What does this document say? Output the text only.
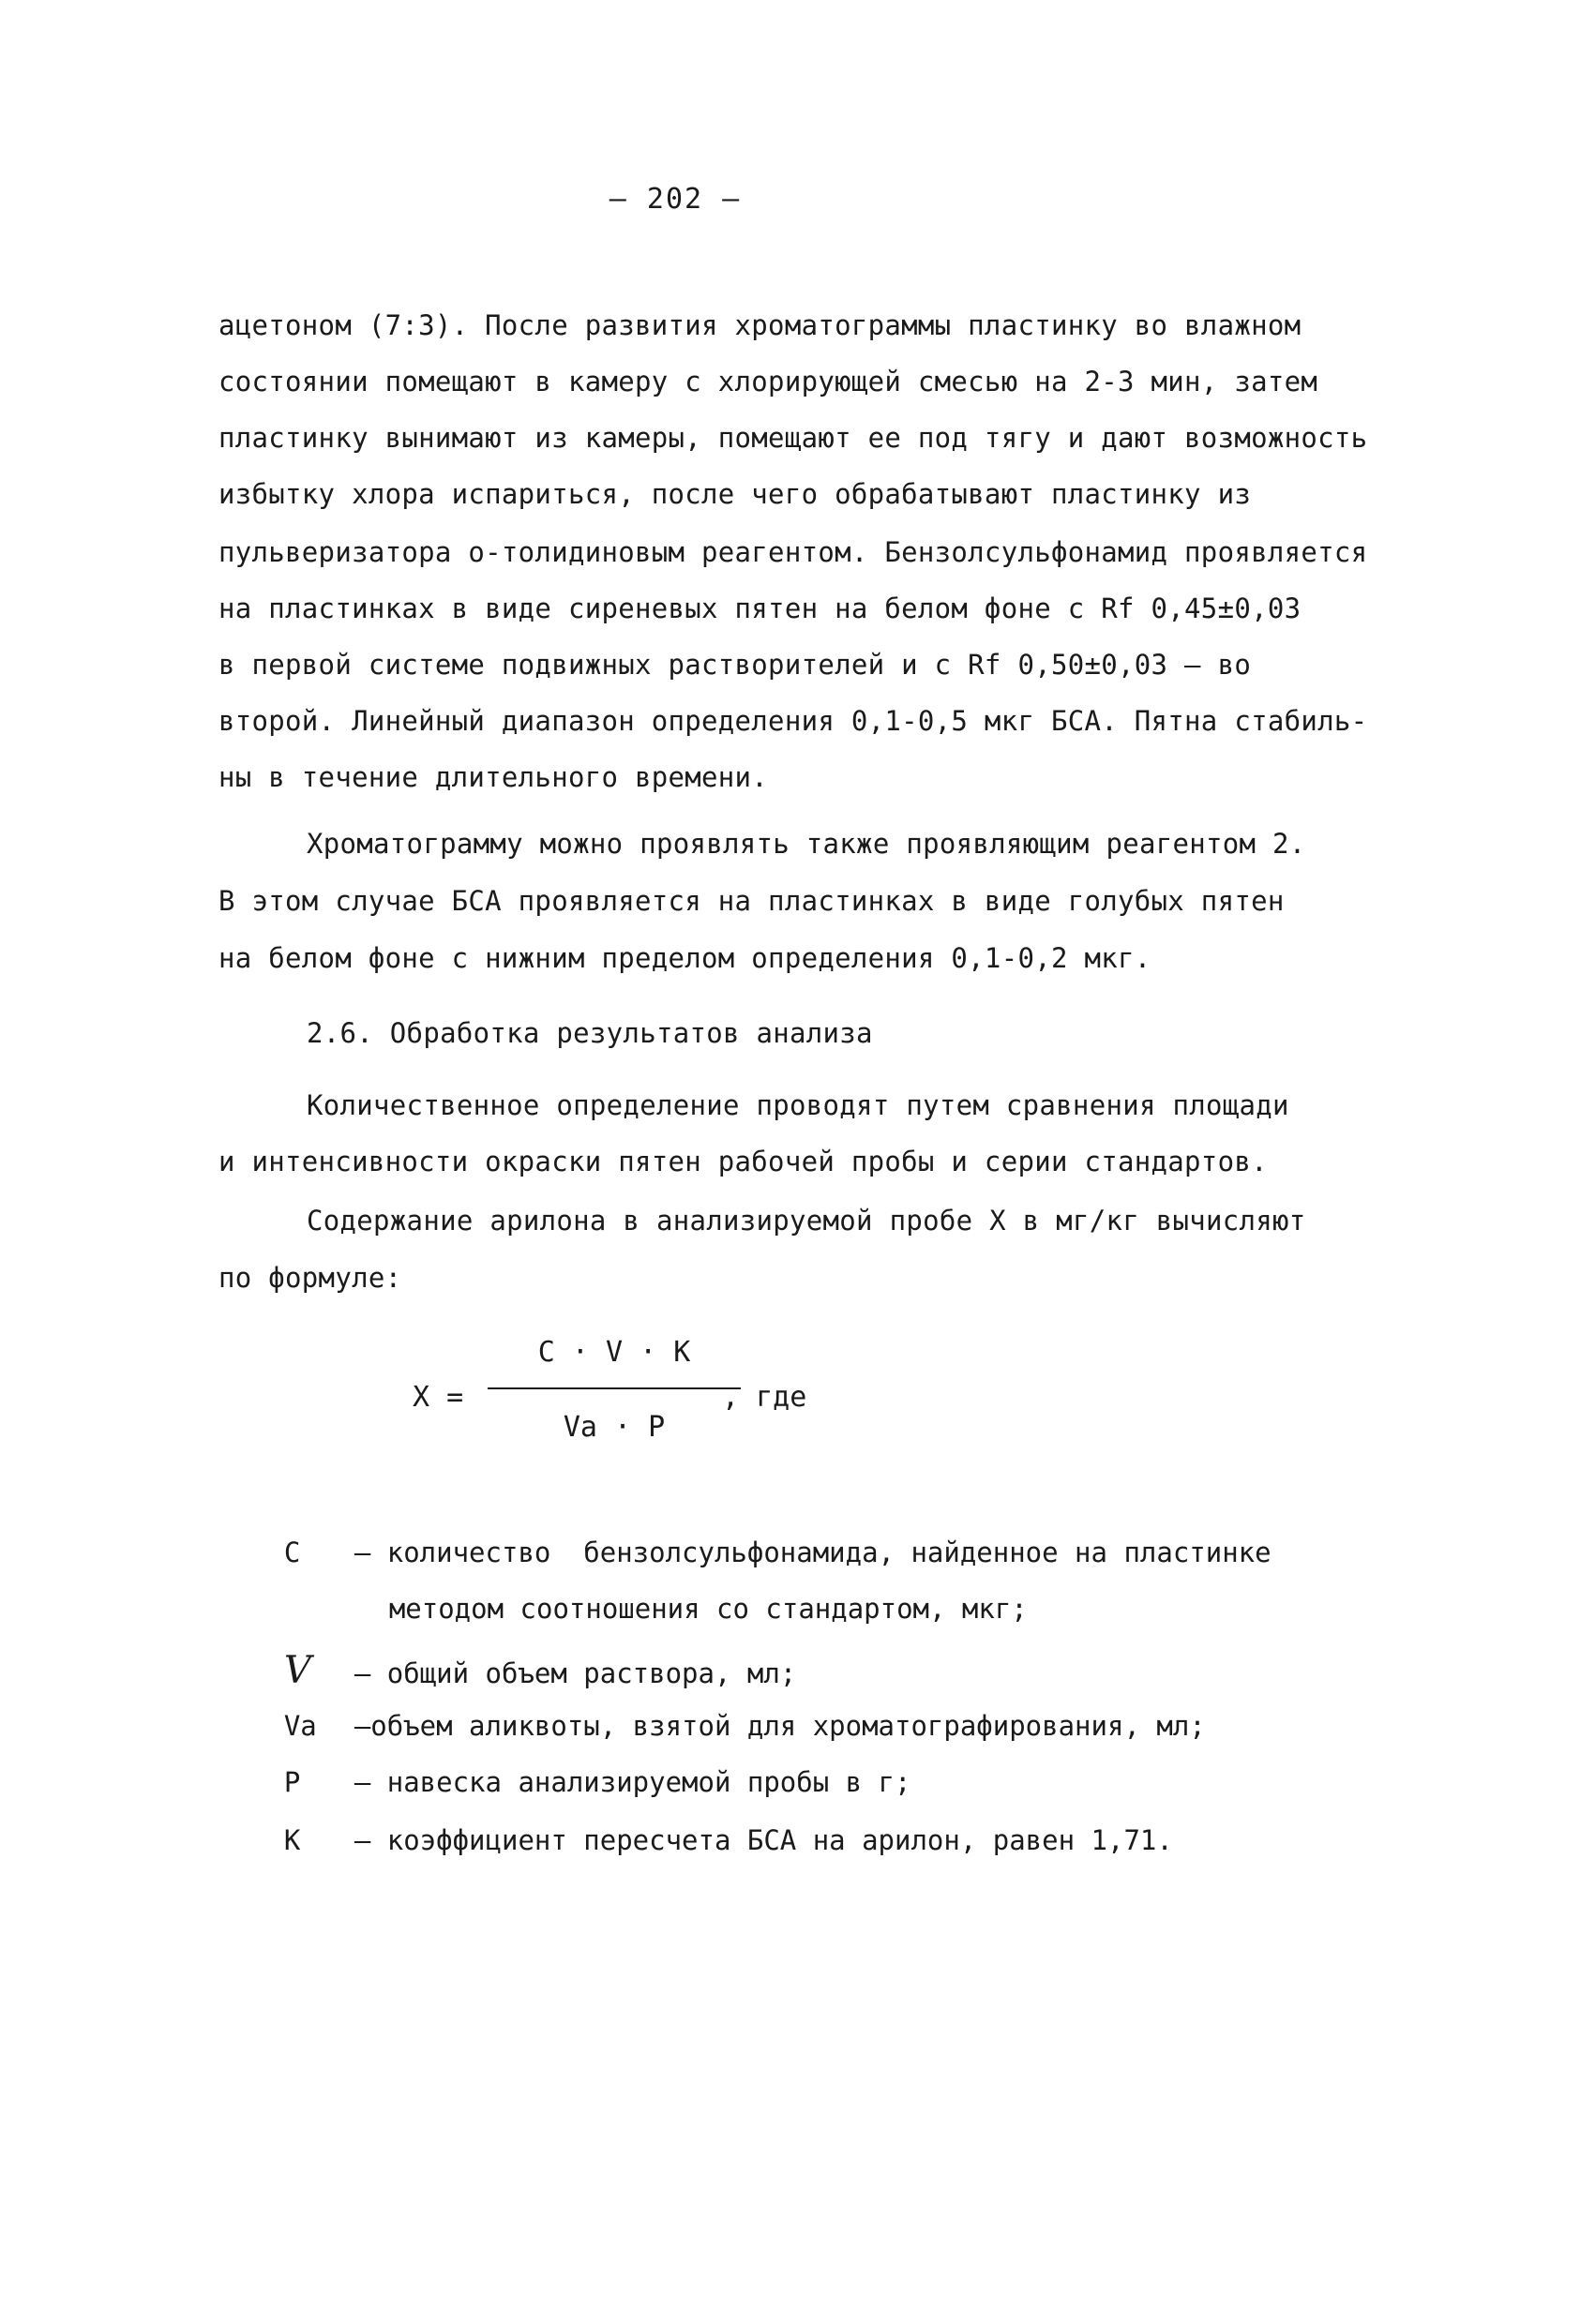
– 202 –
ацетоном (7:3). После развития хроматограммы пластинку во влажном
состоянии помещают в камеру с хлорирующей смесью на 2-3 мин, затем
пластинку вынимают из камеры, помещают ее под тягу и дают возможность
избытку хлора испариться, после чего обрабатывают пластинку из
пульверизатора о-толидиновым реагентом. Бензолсульфонамид проявляется
на пластинках в виде сиреневых пятен на белом фоне с Rf 0,45±0,03
в первой системе подвижных растворителей и с Rf 0,50±0,03 – во
второй. Линейный диапазон определения 0,1-0,5 мкг БСА. Пятна стабиль-
ны в течение длительного времени.
Хроматограмму можно проявлять также проявляющим реагентом 2.
В этом случае БСА проявляется на пластинках в виде голубых пятен
на белом фоне с нижним пределом определения 0,1-0,2 мкг.
2.6. Обработка результатов анализа
Количественное определение проводят путем сравнения площади
и интенсивности окраски пятен рабочей пробы и серии стандартов.
Содержание арилона в анализируемой пробе X в мг/кг вычисляют
по формуле:
X =
C · V · K
Vа · P
, где

C – количество  бензолсульфонамида, найденное на пластинке

методом соотношения со стандартом, мкг;

V – общий объем раствора, мл;

Vа –объем аликвоты, взятой для хроматографирования, мл;

P – навеска анализируемой пробы в г;

K – коэффициент пересчета БСА на арилон, равен 1,71.
